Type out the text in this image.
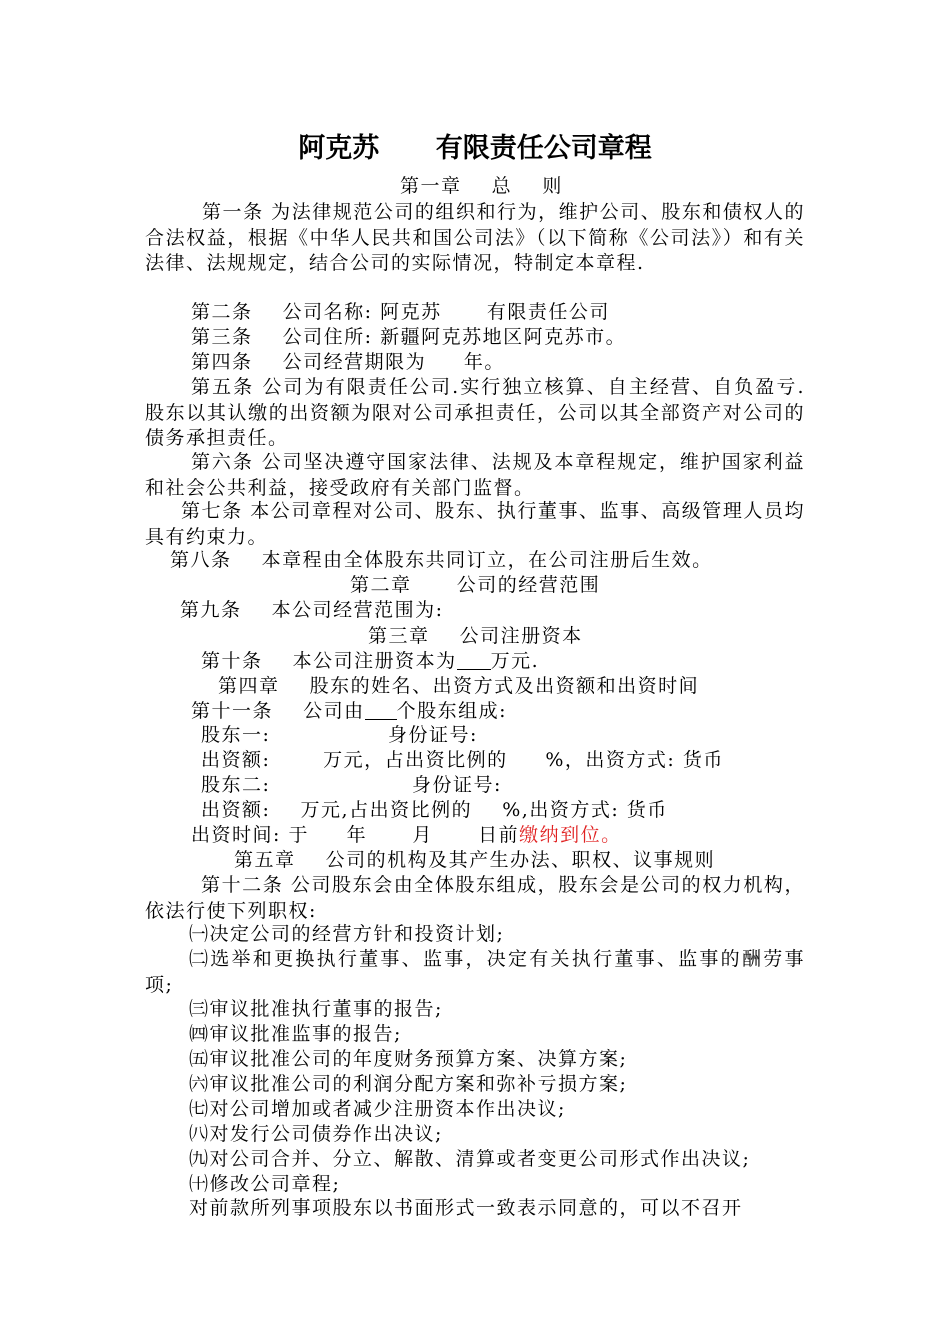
阿克苏      有限责任公司章程
第一章    总    则
第一条 为法律规范公司的组织和行为，维护公司、股东和债权人的合法权益，根据《中华人民共和国公司法》（以下简称《公司法》）和有关法律、法规规定，结合公司的实际情况，特制定本章程.
第二条    公司名称: 阿克苏      有限责任公司
第三条    公司住所: 新疆阿克苏地区阿克苏市。
第四条    公司经营期限为     年。
第五条 公司为有限责任公司.实行独立核算、自主经营、自负盈亏.股东以其认缴的出资额为限对公司承担责任，公司以其全部资产对公司的债务承担责任。
第六条 公司坚决遵守国家法律、法规及本章程规定，维护国家利益和社会公共利益，接受政府有关部门监督。
第七条 本公司章程对公司、股东、执行董事、监事、高级管理人员均具有约束力。
第八条    本章程由全体股东共同订立，在公司注册后生效。
第二章      公司的经营范围
第九条    本公司经营范围为:
第三章    公司注册资本
第十条    本公司注册资本为 万元.
第四章    股东的姓名、出资方式及出资额和出资时间
第十一条    公司由 个股东组成:
股东一:	身份证号:
出资额:       万元，占出资比例的     %，出资方式: 货币
股东二:	身份证号:
出资额:    万元,占出资比例的    %,出资方式: 货币
出资时间: 于     年      月      日前缴纳到位。
第五章    公司的机构及其产生办法、职权、议事规则
第十二条 公司股东会由全体股东组成，股东会是公司的权力机构，依法行使下列职权:
㈠决定公司的经营方针和投资计划;
㈡选举和更换执行董事、监事，决定有关执行董事、监事的酬劳事项;
㈢审议批准执行董事的报告;
㈣审议批准监事的报告;
㈤审议批准公司的年度财务预算方案、决算方案;
㈥审议批准公司的利润分配方案和弥补亏损方案;
㈦对公司增加或者减少注册资本作出决议;
㈧对发行公司债券作出决议;
㈨对公司合并、分立、解散、清算或者变更公司形式作出决议;
㈩修改公司章程;
对前款所列事项股东以书面形式一致表示同意的，可以不召开
